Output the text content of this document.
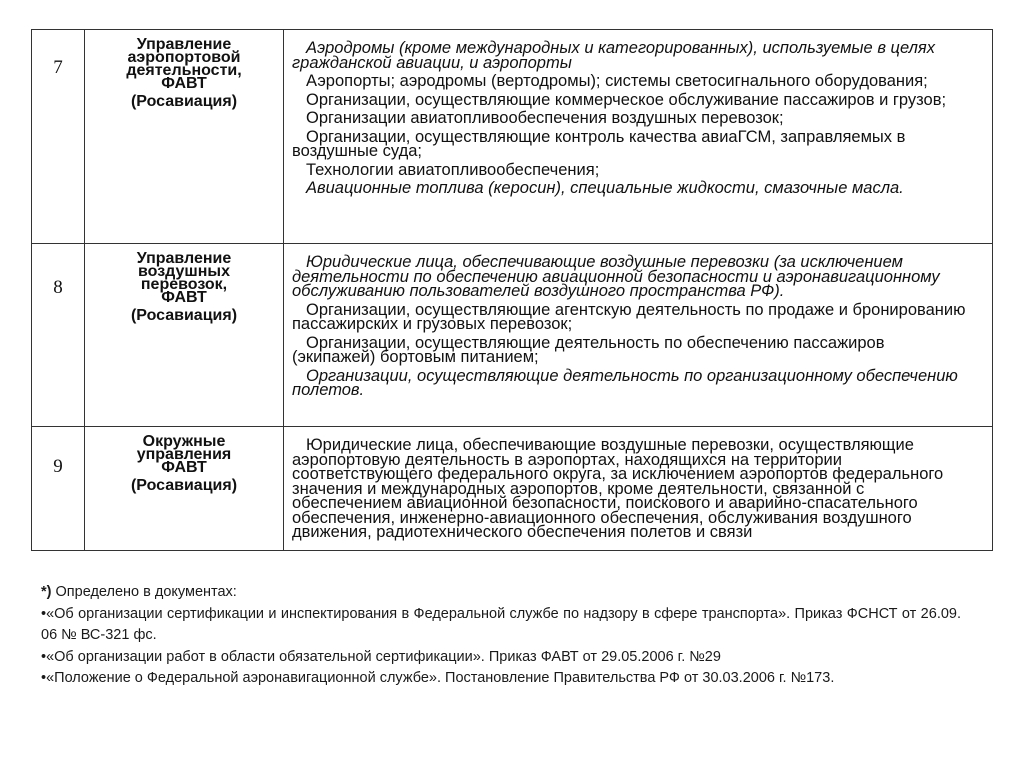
7
Управление
аэропортовой
деятельности,
ФАВТ
(Росавиация)

Аэродромы (кроме международных и категорированных), используемые в целях гражданской авиации, и аэропорты

Аэропорты; аэродромы (вертодромы); системы светосигнального оборудования;

Организации, осуществляющие коммерческое обслуживание пассажиров и грузов;

Организации авиатопливообеспечения воздушных перевозок;

Организации, осуществляющие контроль качества авиаГСМ, заправляемых в воздушные суда;

Технологии авиатопливообеспечения;

Авиационные топлива (керосин), специальные жидкости, смазочные масла.

8
Управление
воздушных
перевозок,
ФАВТ
(Росавиация)

Юридические лица, обеспечивающие воздушные перевозки (за исключением деятельности по обеспечению авиационной безопасности и аэронавигационному обслуживанию пользователей воздушного пространства РФ).

Организации, осуществляющие агентскую деятельность по продаже и бронированию пассажирских и грузовых перевозок;

Организации, осуществляющие деятельность по обеспечению пассажиров (экипажей) бортовым питанием;

Организации, осуществляющие деятельность по организационному обеспечению полетов.

9
Окружные
управления
ФАВТ
(Росавиация)

Юридические лица, обеспечивающие воздушные перевозки, осуществляющие аэропортовую деятельность в аэропортах, находящихся на территории соответствующего федерального округа, за исключением аэропортов федерального значения и международных аэропортов, кроме деятельности, связанной с обеспечением авиационной безопасности, поискового и аварийно-спасательного обеспечения, инженерно-авиационного обеспечения, обслуживания воздушного движения, радиотехнического обеспечения полетов и связи

*) Определено в документах:

•«Об организации сертификации и инспектирования в Федеральной службе по надзору в сфере транспорта». Приказ ФСНСТ от 26.09. 06 № ВС-321 фс.

•«Об организации работ в области обязательной сертификации». Приказ ФАВТ от 29.05.2006 г. №29

•«Положение о Федеральной аэронавигационной службе». Постановление Правительства РФ от 30.03.2006 г. №173.
